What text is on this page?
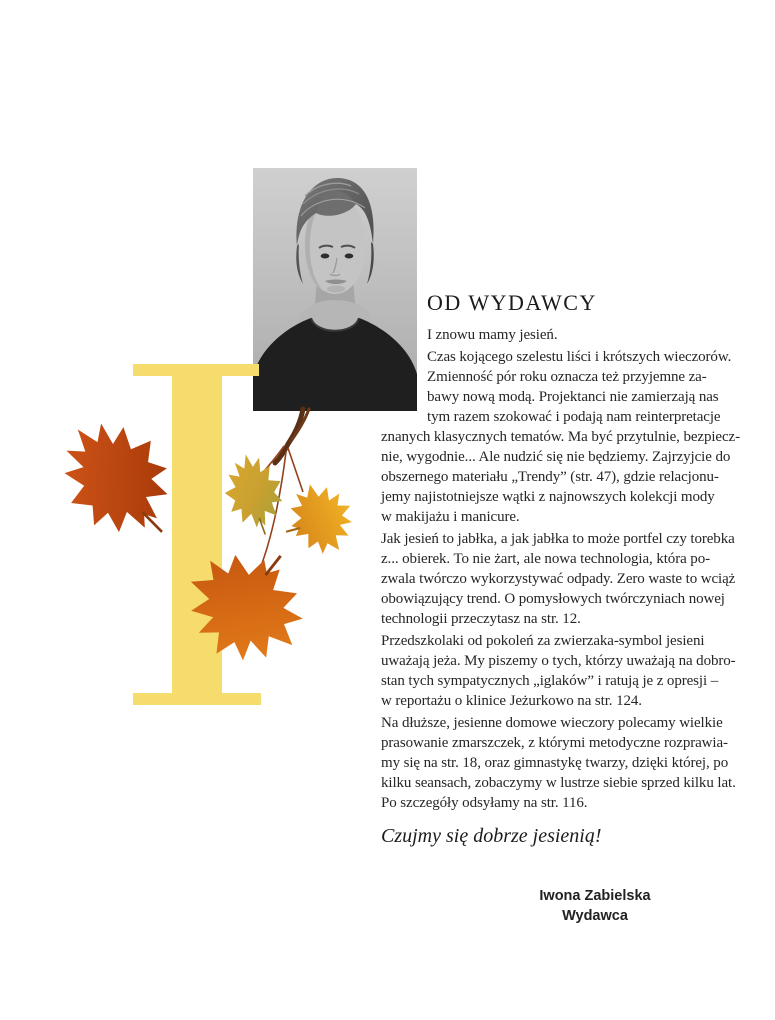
OD WYDAWCY
I znowu mamy jesień.
Czas kojącego szelestu liści i krótszych wieczorów.
Zmienność pór roku oznacza też przyjemne za-
bawy nową modą. Projektanci nie zamierzają nas
tym razem szokować i podają nam reinterpretacje
znanych klasycznych tematów. Ma być przytulnie, bezpiecz-
nie, wygodnie... Ale nudzić się nie będziemy. Zajrzyjcie do
obszernego materiału „Trendy” (str. 47), gdzie relacjonu-
jemy najistotniejsze wątki z najnowszych kolekcji mody
w makijażu i manicure.
Jak jesień to jabłka, a jak jabłka to może portfel czy torebka
z... obierek. To nie żart, ale nowa technologia, która po-
zwala twórczo wykorzystywać odpady. Zero waste to wciąż
obowiązujący trend. O pomysłowych twórczyniach nowej
technologii przeczytasz na str. 12.
Przedszkolaki od pokoleń za zwierzaka-symbol jesieni
uważają jeża. My piszemy o tych, którzy uważają na dobro-
stan tych sympatycznych „iglaków” i ratują je z opresji –
w reportażu o klinice Jeżurkowo na str. 124.
Na dłuższe, jesienne domowe wieczory polecamy wielkie
prasowanie zmarszczek, z którymi metodyczne rozprawia-
my się na str. 18, oraz gimnastykę twarzy, dzięki której, po
kilku seansach, zobaczymy w lustrze siebie sprzed kilku lat.
Po szczegóły odsyłamy na str. 116.
Czujmy się dobrze jesienią!
Iwona Zabielska
Wydawca
